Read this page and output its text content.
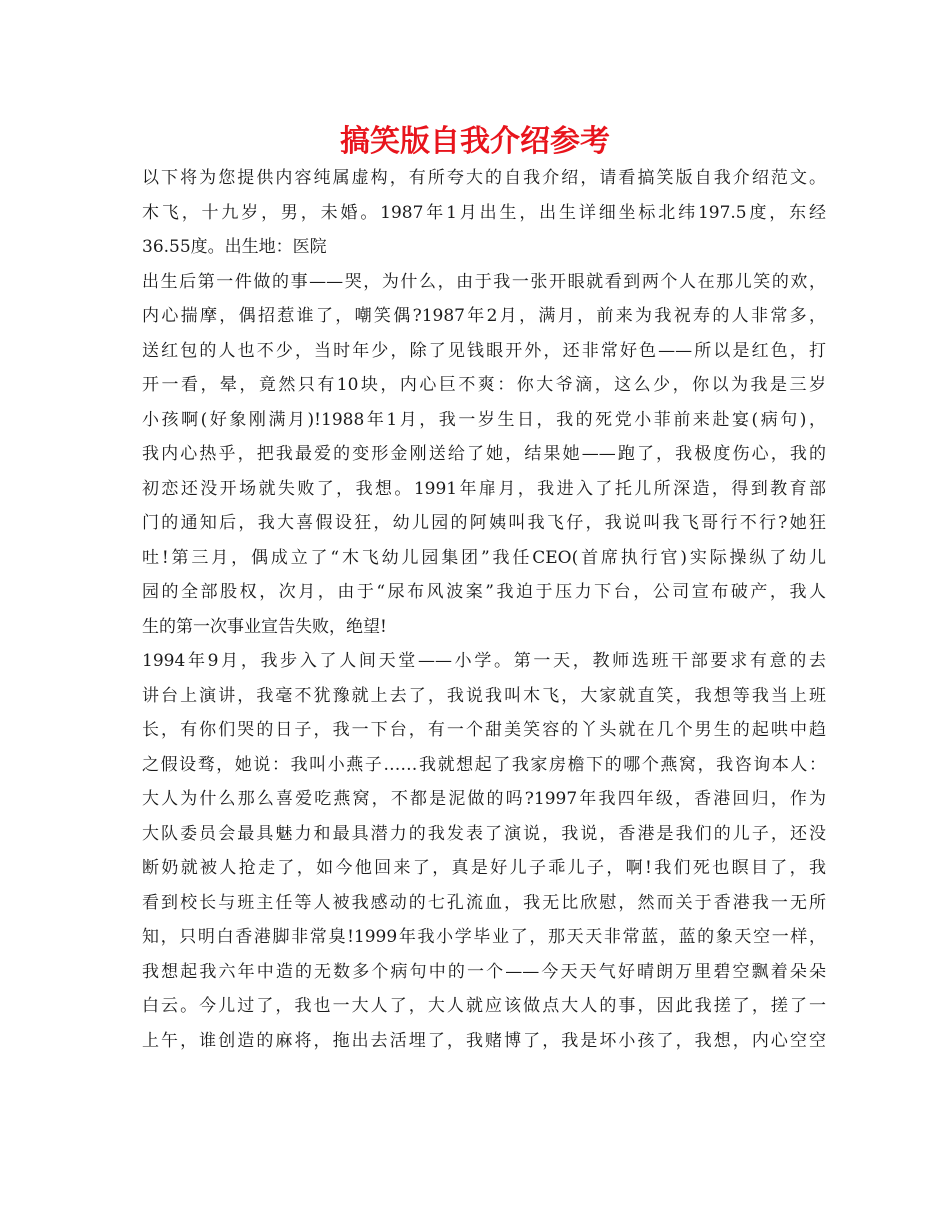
搞笑版自我介绍参考
以下将为您提供内容纯属虚构，有所夸大的自我介绍，请看搞笑版自我介绍范文。
木飞，十九岁，男，未婚。1987年1月出生，出生详细坐标北纬197.5度，东经
36.55度。出生地：医院
出生后第一件做的事——哭，为什么，由于我一张开眼就看到两个人在那儿笑的欢，
内心揣摩，偶招惹谁了，嘲笑偶?1987年2月，满月，前来为我祝寿的人非常多，
送红包的人也不少，当时年少，除了见钱眼开外，还非常好色——所以是红色，打
开一看，晕，竟然只有10块，内心巨不爽：你大爷滴，这么少，你以为我是三岁
小孩啊(好象刚满月)!1988年1月，我一岁生日，我的死党小菲前来赴宴(病句)，
我内心热乎，把我最爱的变形金刚送给了她，结果她——跑了，我极度伤心，我的
初恋还没开场就失败了，我想。1991年扉月，我进入了托儿所深造，得到教育部
门的通知后，我大喜假设狂，幼儿园的阿姨叫我飞仔，我说叫我飞哥行不行?她狂
吐!第三月，偶成立了“木飞幼儿园集团”我任CEO(首席执行官)实际操纵了幼儿
园的全部股权，次月，由于“尿布风波案”我迫于压力下台，公司宣布破产，我人
生的第一次事业宣告失败，绝望!
1994年9月，我步入了人间天堂——小学。第一天，教师选班干部要求有意的去
讲台上演讲，我毫不犹豫就上去了，我说我叫木飞，大家就直笑，我想等我当上班
长，有你们哭的日子，我一下台，有一个甜美笑容的丫头就在几个男生的起哄中趋
之假设骛，她说：我叫小燕子……我就想起了我家房檐下的哪个燕窝，我咨询本人：
大人为什么那么喜爱吃燕窝，不都是泥做的吗?1997年我四年级，香港回归，作为
大队委员会最具魅力和最具潜力的我发表了演说，我说，香港是我们的儿子，还没
断奶就被人抢走了，如今他回来了，真是好儿子乖儿子，啊!我们死也瞑目了，我
看到校长与班主任等人被我感动的七孔流血，我无比欣慰，然而关于香港我一无所
知，只明白香港脚非常臭!1999年我小学毕业了，那天天非常蓝，蓝的象天空一样，
我想起我六年中造的无数多个病句中的一个——今天天气好晴朗万里碧空飘着朵朵
白云。今儿过了，我也一大人了，大人就应该做点大人的事，因此我搓了，搓了一
上午，谁创造的麻将，拖出去活埋了，我赌博了，我是坏小孩了，我想，内心空空
